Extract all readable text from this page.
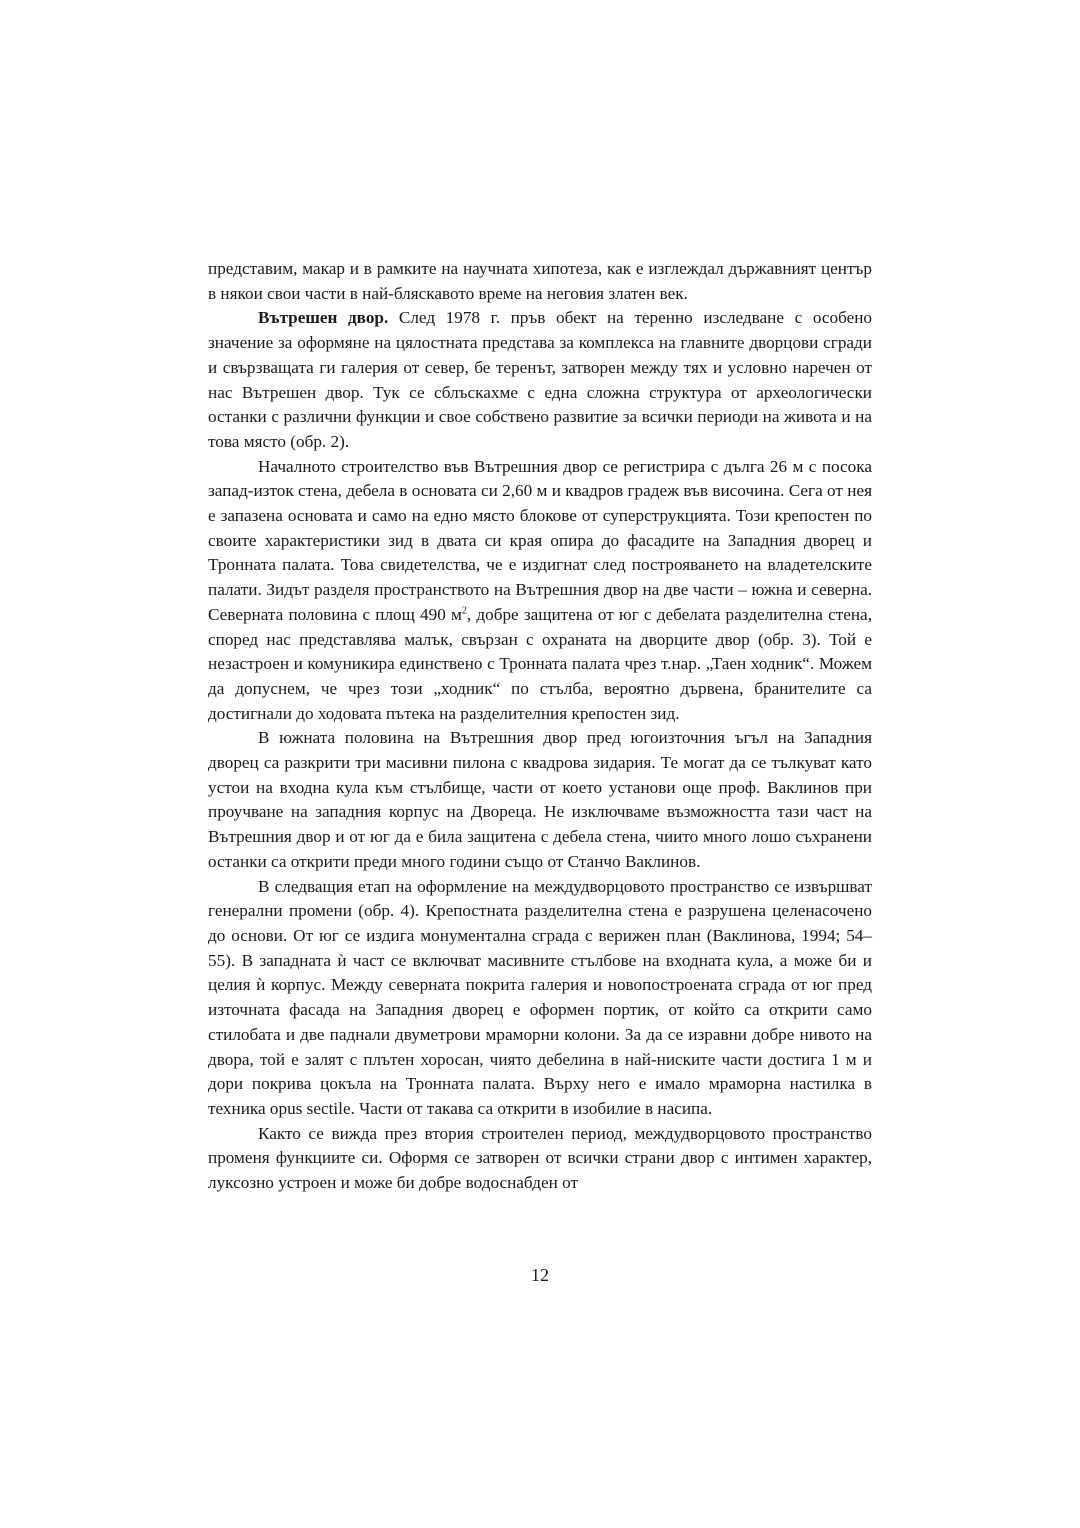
представим, макар и в рамките на научната хипотеза, как е изглеждал държавният център в някои свои части в най-бляскавото време на неговия златен век.

Вътрешен двор. След 1978 г. пръв обект на теренно изследване с особено значение за оформяне на цялостната представа за комплекса на главните дворцови сгради и свързващата ги галерия от север, бе теренът, затворен между тях и условно наречен от нас Вътрешен двор. Тук се сблъскахме с една сложна структура от археологически останки с различни функции и свое собствено развитие за всички периоди на живота и на това място (обр. 2).

Началното строителство във Вътрешния двор се регистрира с дълга 26 м с посока запад-изток стена, дебела в основата си 2,60 м и квадров градеж във височина. Сега от нея е запазена основата и само на едно място блокове от суперструкцията. Този крепостен по своите характеристики зид в двата си края опира до фасадите на Западния дворец и Тронната палата. Това свидетелства, че е издигнат след построяването на владетелските палати. Зидът разделя пространството на Вътрешния двор на две части – южна и северна. Северната половина с площ 490 $м^2$, добре защитена от юг с дебелата разделителна стена, според нас представлява малък, свързан с охраната на дворците двор (обр. 3). Той е незастроен и комуникира единствено с Тронната палата чрез т.нар. „Таен ходник“. Можем да допуснем, че чрез този „ходник“ по стълба, вероятно дървена, бранителите са достигнали до ходовата пътека на разделителния крепостен зид.

В южната половина на Вътрешния двор пред югоизточния ъгъл на Западния дворец са разкрити три масивни пилона с квадрова зидария. Те могат да се тълкуват като устои на входна кула към стълбище, части от което установи още проф. Ваклинов при проучване на западния корпус на Двореца. Не изключваме възможността тази част на Вътрешния двор и от юг да е била защитена с дебела стена, чиито много лошо съхранени останки са открити преди много години също от Станчо Ваклинов.

В следващия етап на оформление на междудворцовото пространство се извършват генерални промени (обр. 4). Крепостната разделителна стена е разрушена целенасочено до основи. От юг се издига монументална сграда с верижен план (Ваклинова, 1994; 54–55). В западната ѝ част се включват масивните стълбове на входната кула, а може би и целия ѝ корпус. Между северната покрита галерия и новопостроената сграда от юг пред източната фасада на Западния дворец е оформен портик, от който са открити само стилобата и две паднали двуметрови мраморни колони. За да се изравни добре нивото на двора, той е залят с плътен хоросан, чиято дебелина в най-ниските части достига 1 м и дори покрива цокъла на Тронната палата. Върху него е имало мраморна настилка в техника opus sectile. Части от такава са открити в изобилие в насипа.

Както се вижда през втория строителен период, междудворцовото пространство променя функциите си. Оформя се затворен от всички страни двор с интимен характер, луксозно устроен и може би добре водоснабден от

12
